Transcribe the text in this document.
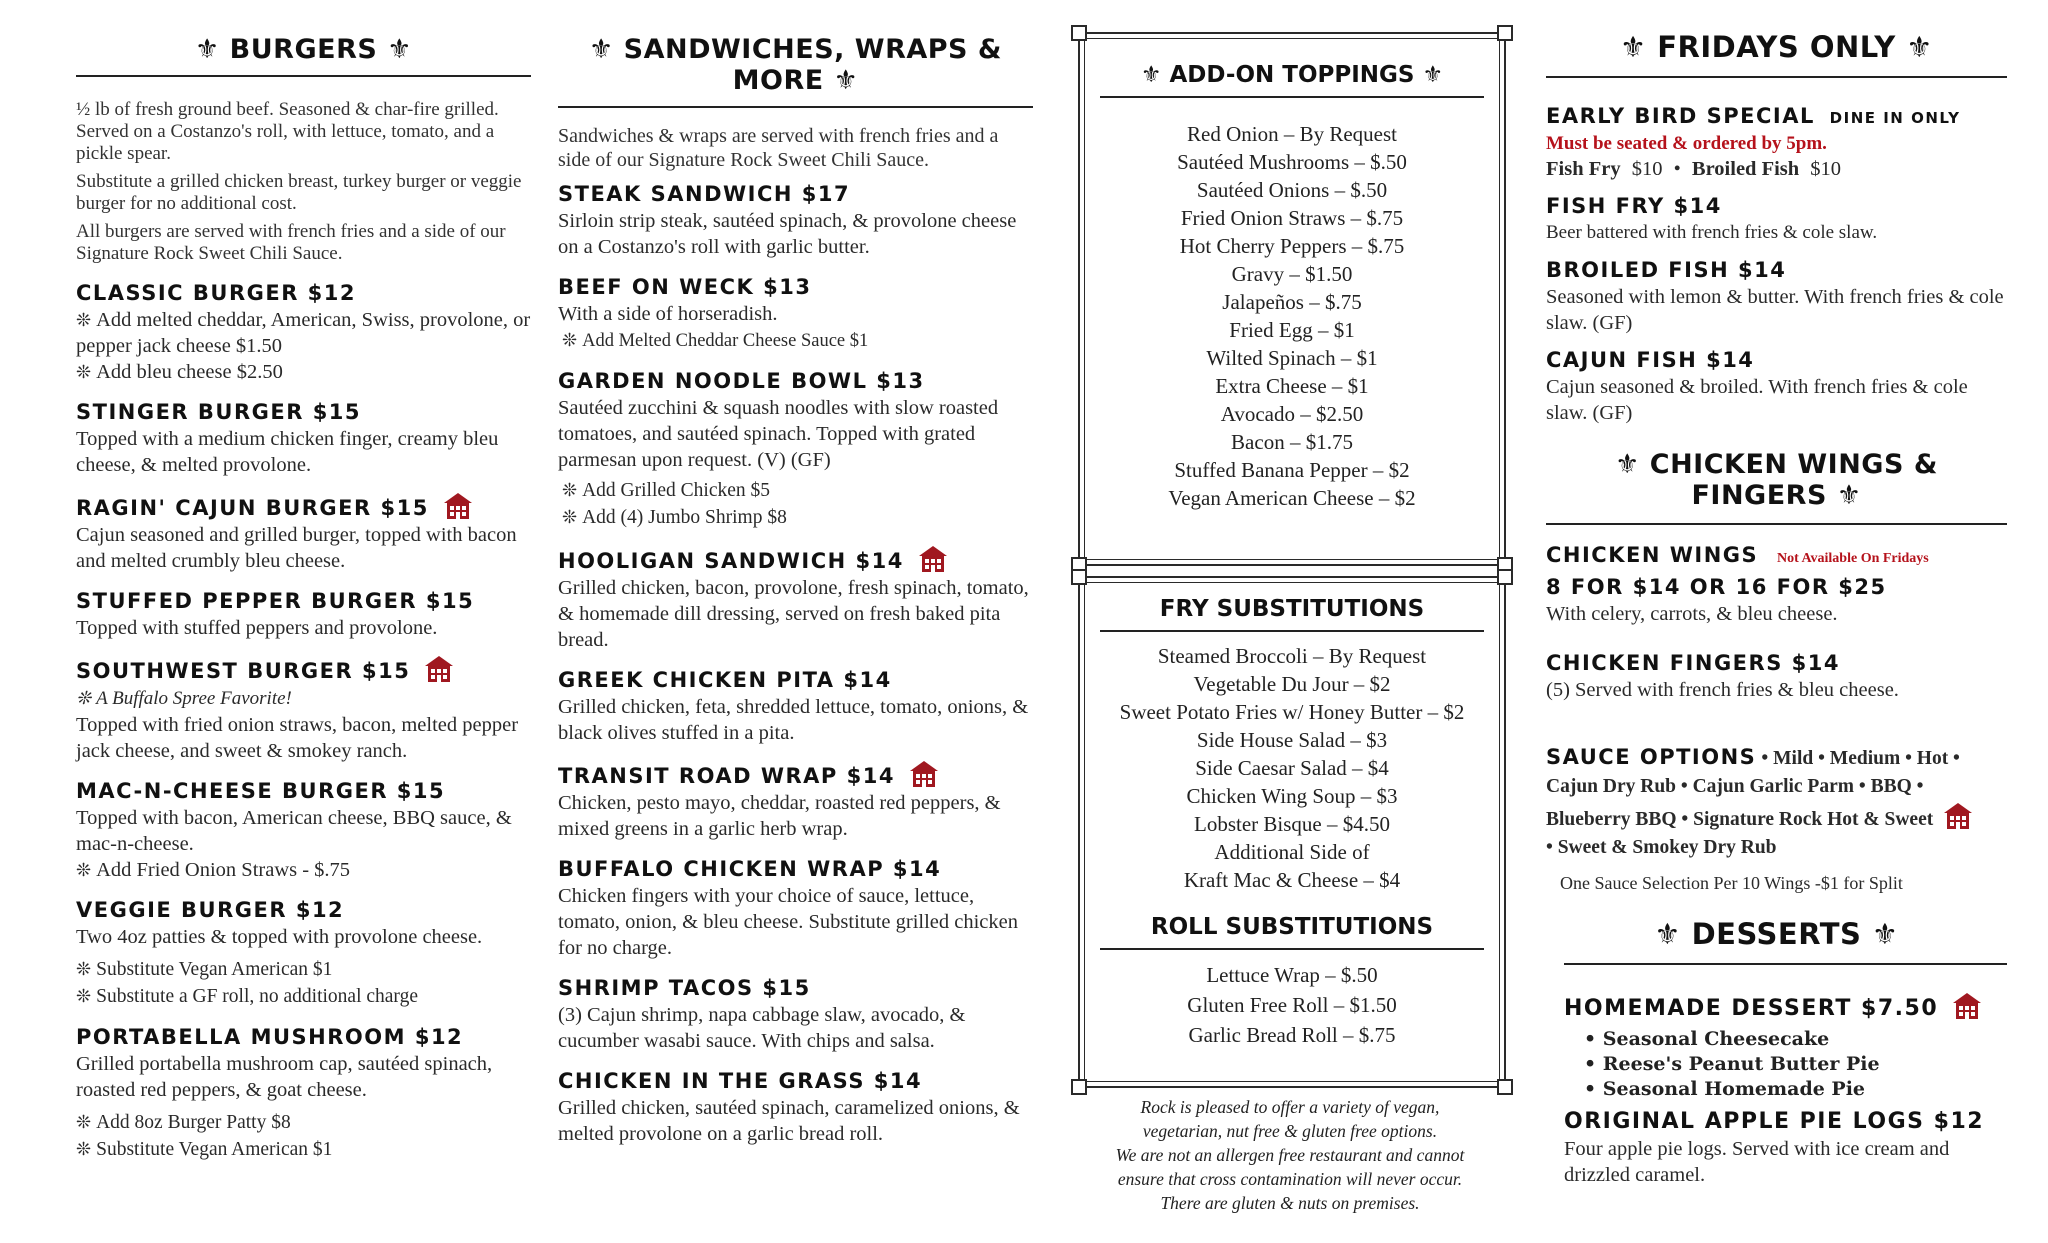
⚜ BURGERS ⚜

½ lb of fresh ground beef. Seasoned & char-fire grilled. Served on a Costanzo's roll, with lettuce, tomato, and a pickle spear.

Substitute a grilled chicken breast, turkey burger or veggie burger for no additional cost.

All burgers are served with french fries and a side of our Signature Rock Sweet Chili Sauce.

CLASSIC BURGER $12

❊ Add melted cheddar, American, Swiss, provolone, or pepper jack cheese $1.50

❊ Add bleu cheese $2.50

STINGER BURGER $15

Topped with a medium chicken finger, creamy bleu cheese, & melted provolone.

RAGIN' CAJUN BURGER $15

Cajun seasoned and grilled burger, topped with bacon and melted crumbly bleu cheese.

STUFFED PEPPER BURGER $15

Topped with stuffed peppers and provolone.

SOUTHWEST BURGER $15

❊ A Buffalo Spree Favorite!

Topped with fried onion straws, bacon, melted pepper jack cheese, and sweet & smokey ranch.

MAC-N-CHEESE BURGER $15

Topped with bacon, American cheese, BBQ sauce, & mac-n-cheese.

❊ Add Fried Onion Straws - $.75

VEGGIE BURGER $12

Two 4oz patties & topped with provolone cheese.

❊ Substitute Vegan American $1

❊ Substitute a GF roll, no additional charge

PORTABELLA MUSHROOM $12

Grilled portabella mushroom cap, sautéed spinach, roasted red peppers, & goat cheese.

❊ Add 8oz Burger Patty $8

❊ Substitute Vegan American $1

⚜ SANDWICHES, WRAPS & MORE ⚜

Sandwiches & wraps are served with french fries and a side of our Signature Rock Sweet Chili Sauce.

STEAK SANDWICH $17

Sirloin strip steak, sautéed spinach, & provolone cheese on a Costanzo's roll with garlic butter.

BEEF ON WECK $13

With a side of horseradish.

❊ Add Melted Cheddar Cheese Sauce $1

GARDEN NOODLE BOWL $13

Sautéed zucchini & squash noodles with slow roasted tomatoes, and sautéed spinach. Topped with grated parmesan upon request. (V) (GF)

❊ Add Grilled Chicken $5

❊ Add (4) Jumbo Shrimp $8

HOOLIGAN SANDWICH $14

Grilled chicken, bacon, provolone, fresh spinach, tomato, & homemade dill dressing, served on fresh baked pita bread.

GREEK CHICKEN PITA $14

Grilled chicken, feta, shredded lettuce, tomato, onions, & black olives stuffed in a pita.

TRANSIT ROAD WRAP $14

Chicken, pesto mayo, cheddar, roasted red peppers, & mixed greens in a garlic herb wrap.

BUFFALO CHICKEN WRAP $14

Chicken fingers with your choice of sauce, lettuce, tomato, onion, & bleu cheese. Substitute grilled chicken for no charge.

SHRIMP TACOS $15

(3) Cajun shrimp, napa cabbage slaw, avocado, & cucumber wasabi sauce. With chips and salsa.

CHICKEN IN THE GRASS $14

Grilled chicken, sautéed spinach, caramelized onions, & melted provolone on a garlic bread roll.

⚜ ADD-ON TOPPINGS ⚜
Red Onion – By Request
Sautéed Mushrooms – $.50
Sautéed Onions – $.50
Fried Onion Straws – $.75
Hot Cherry Peppers – $.75
Gravy – $1.50
Jalapeños – $.75
Fried Egg – $1
Wilted Spinach – $1
Extra Cheese – $1
Avocado – $2.50
Bacon – $1.75
Stuffed Banana Pepper – $2
Vegan American Cheese – $2
FRY SUBSTITUTIONS
Steamed Broccoli – By Request
Vegetable Du Jour – $2
Sweet Potato Fries w/ Honey Butter – $2
Side House Salad – $3
Side Caesar Salad – $4
Chicken Wing Soup – $3
Lobster Bisque – $4.50
Additional Side of
Kraft Mac & Cheese – $4
ROLL SUBSTITUTIONS
Lettuce Wrap – $.50
Gluten Free Roll – $1.50
Garlic Bread Roll – $.75
Rock is pleased to offer a variety of vegan,
vegetarian, nut free & gluten free options.
We are not an allergen free restaurant and cannot
ensure that cross contamination will never occur.
There are gluten & nuts on premises.
⚜ FRIDAYS ONLY ⚜

EARLY BIRD SPECIAL DINE IN ONLY

Must be seated & ordered by 5pm.

Fish Fry $10 • Broiled Fish $10

FISH FRY $14

Beer battered with french fries & cole slaw.

BROILED FISH $14

Seasoned with lemon & butter. With french fries & cole slaw. (GF)

CAJUN FISH $14

Cajun seasoned & broiled. With french fries & cole slaw. (GF)

⚜ CHICKEN WINGS & FINGERS ⚜

CHICKEN WINGS Not Available On Fridays

8 FOR $14 OR 16 FOR $25

With celery, carrots, & bleu cheese.

CHICKEN FINGERS $14

(5) Served with french fries & bleu cheese.

SAUCE OPTIONS • Mild • Medium • Hot •

Cajun Dry Rub • Cajun Garlic Parm • BBQ •

Blueberry BBQ • Signature Rock Hot & Sweet

• Sweet & Smokey Dry Rub

One Sauce Selection Per 10 Wings -$1 for Split

⚜ DESSERTS ⚜

HOMEMADE DESSERT $7.50

• Seasonal Cheesecake
• Reese's Peanut Butter Pie
• Seasonal Homemade Pie

ORIGINAL APPLE PIE LOGS $12

Four apple pie logs. Served with ice cream and drizzled caramel.
